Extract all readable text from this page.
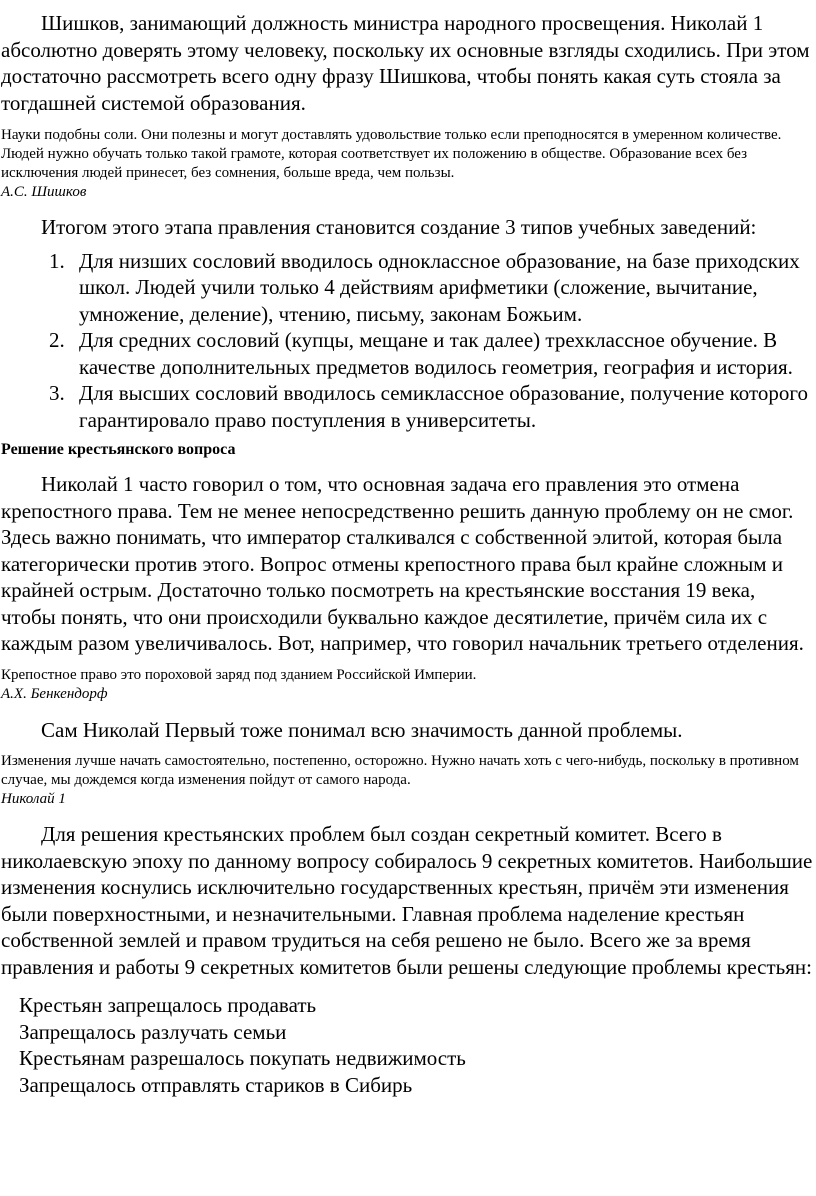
Шишков, занимающий должность министра народного просвещения. Николай 1 абсолютно доверять этому человеку, поскольку их основные взгляды сходились. При этом достаточно рассмотреть всего одну фразу Шишкова, чтобы понять какая суть стояла за тогдашней системой образования.

Науки подобны соли. Они полезны и могут доставлять удовольствие только если преподносятся в умеренном количестве. Людей нужно обучать только такой грамоте, которая соответствует их положению в обществе. Образование всех без исключения людей принесет, без сомнения, больше вреда, чем пользы.

А.С. Шишков

Итогом этого этапа правления становится создание 3 типов учебных заведений:

1. Для низших сословий вводилось одноклассное образование, на базе приходских школ. Людей учили только 4 действиям арифметики (сложение, вычитание, умножение, деление), чтению, письму, законам Божьим.
2. Для средних сословий (купцы, мещане и так далее) трехклассное обучение. В качестве дополнительных предметов водилось геометрия, география и история.
3. Для высших сословий вводилось семиклассное образование, получение которого гарантировало право поступления в университеты.

Решение крестьянского вопроса

Николай 1 часто говорил о том, что основная задача его правления это отмена крепостного права. Тем не менее непосредственно решить данную проблему он не смог. Здесь важно понимать, что император сталкивался с собственной элитой, которая была категорически против этого. Вопрос отмены крепостного права был крайне сложным и крайней острым. Достаточно только посмотреть на крестьянские восстания 19 века, чтобы понять, что они происходили буквально каждое десятилетие, причём сила их с каждым разом увеличивалось. Вот, например, что говорил начальник третьего отделения.

Крепостное право это пороховой заряд под зданием Российской Империи.

А.Х. Бенкендорф

Сам Николай Первый тоже понимал всю значимость данной проблемы.

Изменения лучше начать самостоятельно, постепенно, осторожно. Нужно начать хоть с чего-нибудь, поскольку в противном случае, мы дождемся когда изменения пойдут от самого народа.

Николай 1

Для решения крестьянских проблем был создан секретный комитет. Всего в николаевскую эпоху по данному вопросу собиралось 9 секретных комитетов. Наибольшие изменения коснулись исключительно государственных крестьян, причём эти изменения были поверхностными, и незначительными. Главная проблема наделение крестьян собственной землей и правом трудиться на себя решено не было. Всего же за время правления и работы 9 секретных комитетов были решены следующие проблемы крестьян:

Крестьян запрещалось продавать
Запрещалось разлучать семьи
Крестьянам разрешалось покупать недвижимость
Запрещалось отправлять стариков в Сибирь
